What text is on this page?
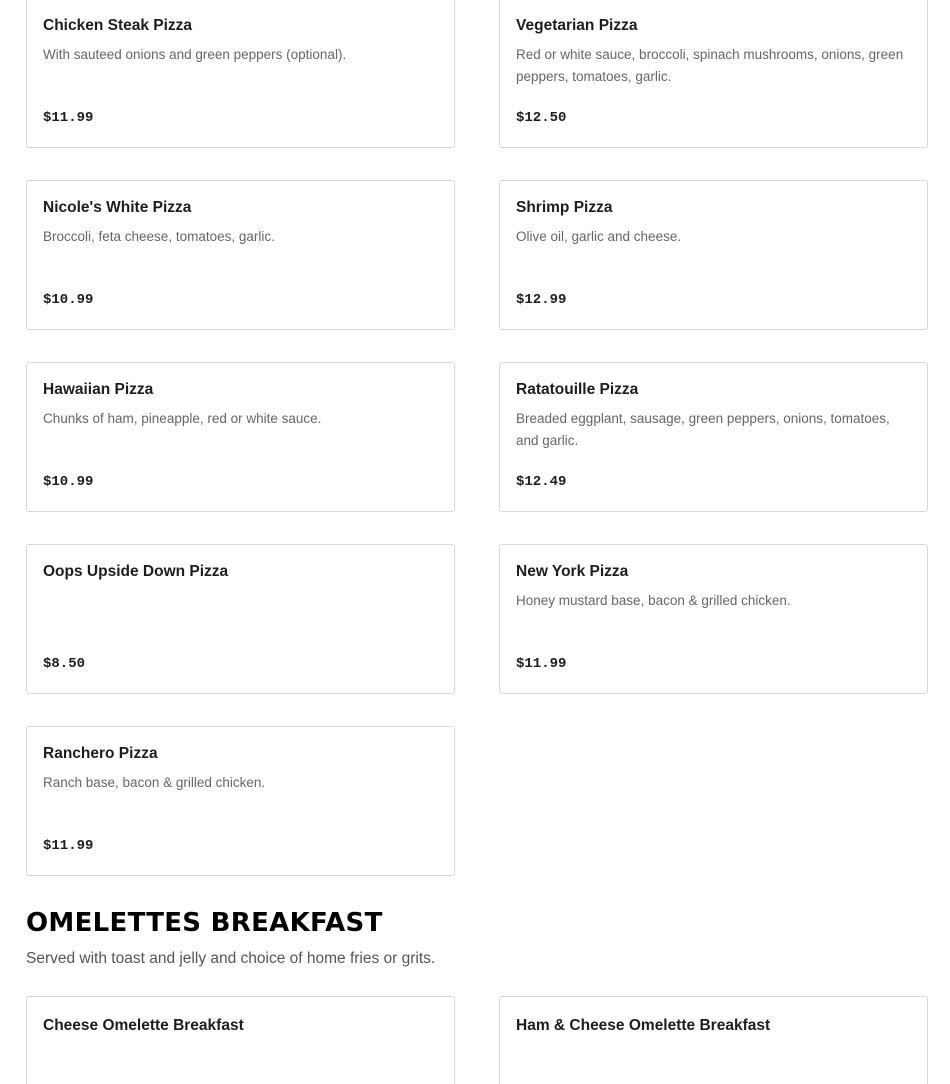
Chicken Steak Pizza
With sauteed onions and green peppers (optional).
$11.99
Vegetarian Pizza
Red or white sauce, broccoli, spinach mushrooms, onions, green peppers, tomatoes, garlic.
$12.50
Nicole's White Pizza
Broccoli, feta cheese, tomatoes, garlic.
$10.99
Shrimp Pizza
Olive oil, garlic and cheese.
$12.99
Hawaiian Pizza
Chunks of ham, pineapple, red or white sauce.
$10.99
Ratatouille Pizza
Breaded eggplant, sausage, green peppers, onions, tomatoes, and garlic.
$12.49
Oops Upside Down Pizza
$8.50
New York Pizza
Honey mustard base, bacon & grilled chicken.
$11.99
Ranchero Pizza
Ranch base, bacon & grilled chicken.
$11.99
OMELETTES BREAKFAST

Served with toast and jelly and choice of home fries or grits.

Cheese Omelette Breakfast	Ham & Cheese Omelette Breakfast
